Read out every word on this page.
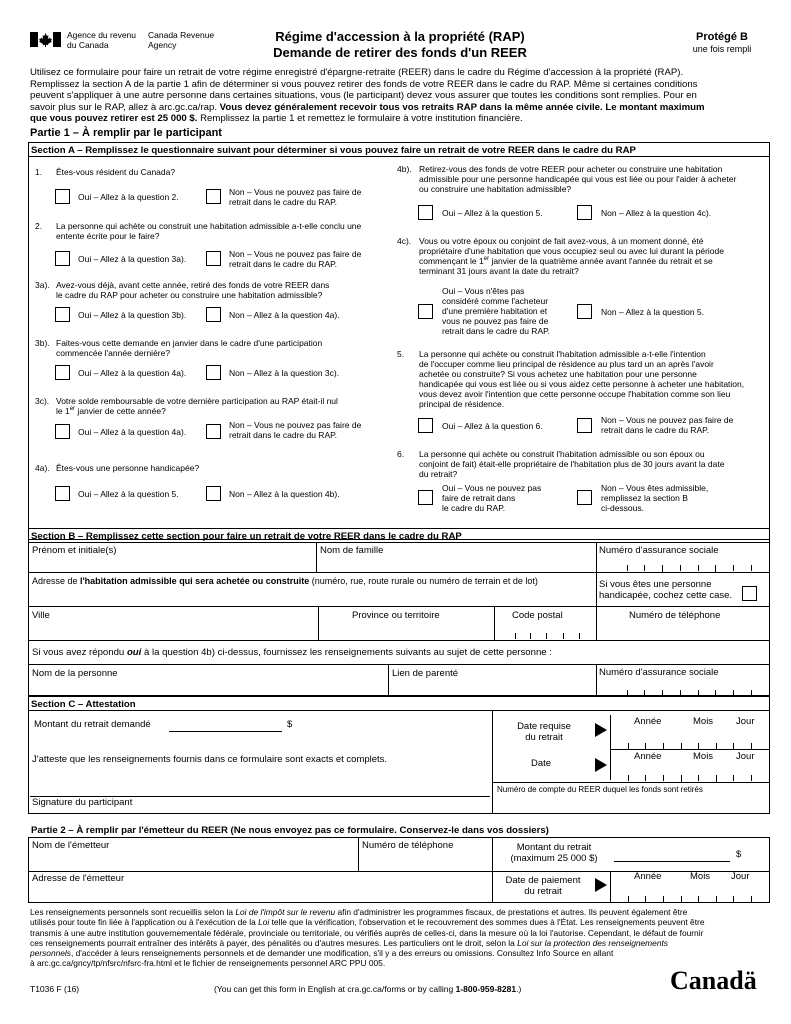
Agence du revenu
du Canada
Canada Revenue
Agency
Régime d'accession à la propriété (RAP)
Demande de retirer des fonds d'un REER
Protégé B
une fois rempli
Utilisez ce formulaire pour faire un retrait de votre régime enregistré d'épargne-retraite (REER) dans le cadre du Régime d'accession à la propriété (RAP).
Remplissez la section A de la partie 1 afin de déterminer si vous pouvez retirer des fonds de votre REER dans le cadre du RAP. Même si certaines conditions
peuvent s'appliquer à une autre personne dans certaines situations, vous (le participant) devez vous assurer que toutes les conditions sont remplies. Pour en
savoir plus sur le RAP, allez à arc.gc.ca/rap. Vous devez généralement recevoir tous vos retraits RAP dans la même année civile. Le montant maximum
que vous pouvez retirer est 25 000 $. Remplissez la partie 1 et remettez le formulaire à votre institution financière.
Partie 1 – À remplir par le participant
Section A – Remplissez le questionnaire suivant pour déterminer si vous pouvez faire un retrait de votre REER dans le cadre du RAP
1. Êtes-vous résident du Canada?
Oui – Allez à la question 2.	Non – Vous ne pouvez pas faire de
retrait dans le cadre du RAP.
2. La personne qui achète ou construit une habitation admissible a-t-elle conclu une
entente écrite pour le faire?
Oui – Allez à la question 3a).	Non – Vous ne pouvez pas faire de
retrait dans le cadre du RAP.
3a). Avez-vous déjà, avant cette année, retiré des fonds de votre REER dans
le cadre du RAP pour acheter ou construire une habitation admissible?
Oui – Allez à la question 3b).	Non – Allez à la question 4a).
3b). Faites-vous cette demande en janvier dans le cadre d'une participation
commencée l'année dernière?
Oui – Allez à la question 4a).	Non – Allez à la question 3c).
3c). Votre solde remboursable de votre dernière participation au RAP était-il nul
le 1er janvier de cette année?
Oui – Allez à la question 4a).
Non – Vous ne pouvez pas faire de
retrait dans le cadre du RAP.
4a). Êtes-vous une personne handicapée?
Oui – Allez à la question 5.	Non – Allez à la question 4b).
4b). Retirez-vous des fonds de votre REER pour acheter ou construire une habitation
admissible pour une personne handicapée qui vous est liée ou pour l'aider à acheter
ou construire une habitation admissible?
Oui – Allez à la question 5.	Non – Allez à la question 4c).
4c). Vous ou votre époux ou conjoint de fait avez-vous, à un moment donné, été
propriétaire d'une habitation que vous occupiez seul ou avec lui durant la période
commençant le 1er janvier de la quatrième année avant l'année du retrait et se
terminant 31 jours avant la date du retrait?
Oui – Vous n'êtes pas
considéré comme l'acheteur
d'une première habitation et
vous ne pouvez pas faire de
retrait dans le cadre du RAP.
Non – Allez à la question 5.
5. La personne qui achète ou construit l'habitation admissible a-t-elle l'intention
de l'occuper comme lieu principal de résidence au plus tard un an après l'avoir
achetée ou construite? Si vous achetez une habitation pour une personne
handicapée qui vous est liée ou si vous aidez cette personne à acheter une habitation,
vous devez avoir l'intention que cette personne occupe l'habitation comme son lieu
principal de résidence.
Oui – Allez à la question 6.
Non – Vous ne pouvez pas faire de
retrait dans le cadre du RAP.
6. La personne qui achète ou construit l'habitation admissible ou son époux ou
conjoint de fait) était-elle propriétaire de l'habitation plus de 30 jours avant la date
du retrait?
Oui – Vous ne pouvez pas
faire de retrait dans
le cadre du RAP.
Non – Vous êtes admissible,
remplissez la section B
ci-dessous.
Section B – Remplissez cette section pour faire un retrait de votre REER dans le cadre du RAP
Prénom et initiale(s)	Nom de famille	Numéro d'assurance sociale
Adresse de l'habitation admissible qui sera achetée ou construite (numéro, rue, route rurale ou numéro de terrain et de lot)	Si vous êtes une personne
handicapée, cochez cette case.
Ville	Province ou territoire	Code postal	Numéro de téléphone
Si vous avez répondu oui à la question 4b) ci-dessus, fournissez les renseignements suivants au sujet de cette personne :
Nom de la personne	Lien de parenté	Numéro d'assurance sociale
Section C – Attestation
Montant du retrait demandé	$
J'atteste que les renseignements fournis dans ce formulaire sont exacts et complets.
Signature du participant
Date requise
du retrait
Année	Mois Jour
Date
Année	Mois Jour
Numéro de compte du REER duquel les fonds sont retirés
Partie 2 – À remplir par l'émetteur du REER (Ne nous envoyez pas ce formulaire. Conservez-le dans vos dossiers)
Nom de l'émetteur	Numéro de téléphone	Montant du retrait
(maximum 25 000 $)	$
Adresse de l'émetteur	Date de paiement
du retrait
Année	Mois Jour
Les renseignements personnels sont recueillis selon la Loi de l'impôt sur le revenu afin d'administrer les programmes fiscaux, de prestations et autres. Ils peuvent également être
utilisés pour toute fin liée à l'application ou à l'exécution de la Loi telle que la vérification, l'observation et le recouvrement des sommes dues à l'État. Les renseignements peuvent être
transmis à une autre institution gouvernementale fédérale, provinciale ou territoriale, ou vérifiés auprès de celles-ci, dans la mesure où la loi l'autorise. Cependant, le défaut de fournir
ces renseignements pourrait entraîner des intérêts à payer, des pénalités ou d'autres mesures. Les particuliers ont le droit, selon la Loi sur la protection des renseignements
personnels, d'accéder à leurs renseignements personnels et de demander une modification, s'il y a des erreurs ou omissions. Consultez Info Source en allant
à arc.gc.ca/gncy/tp/nfsrc/nfsrc-fra.html et le fichier de renseignements personnel ARC PPU 005.
T1036 F (16)	(You can get this form in English at cra.gc.ca/forms or by calling 1-800-959-8281.)	Canadä
